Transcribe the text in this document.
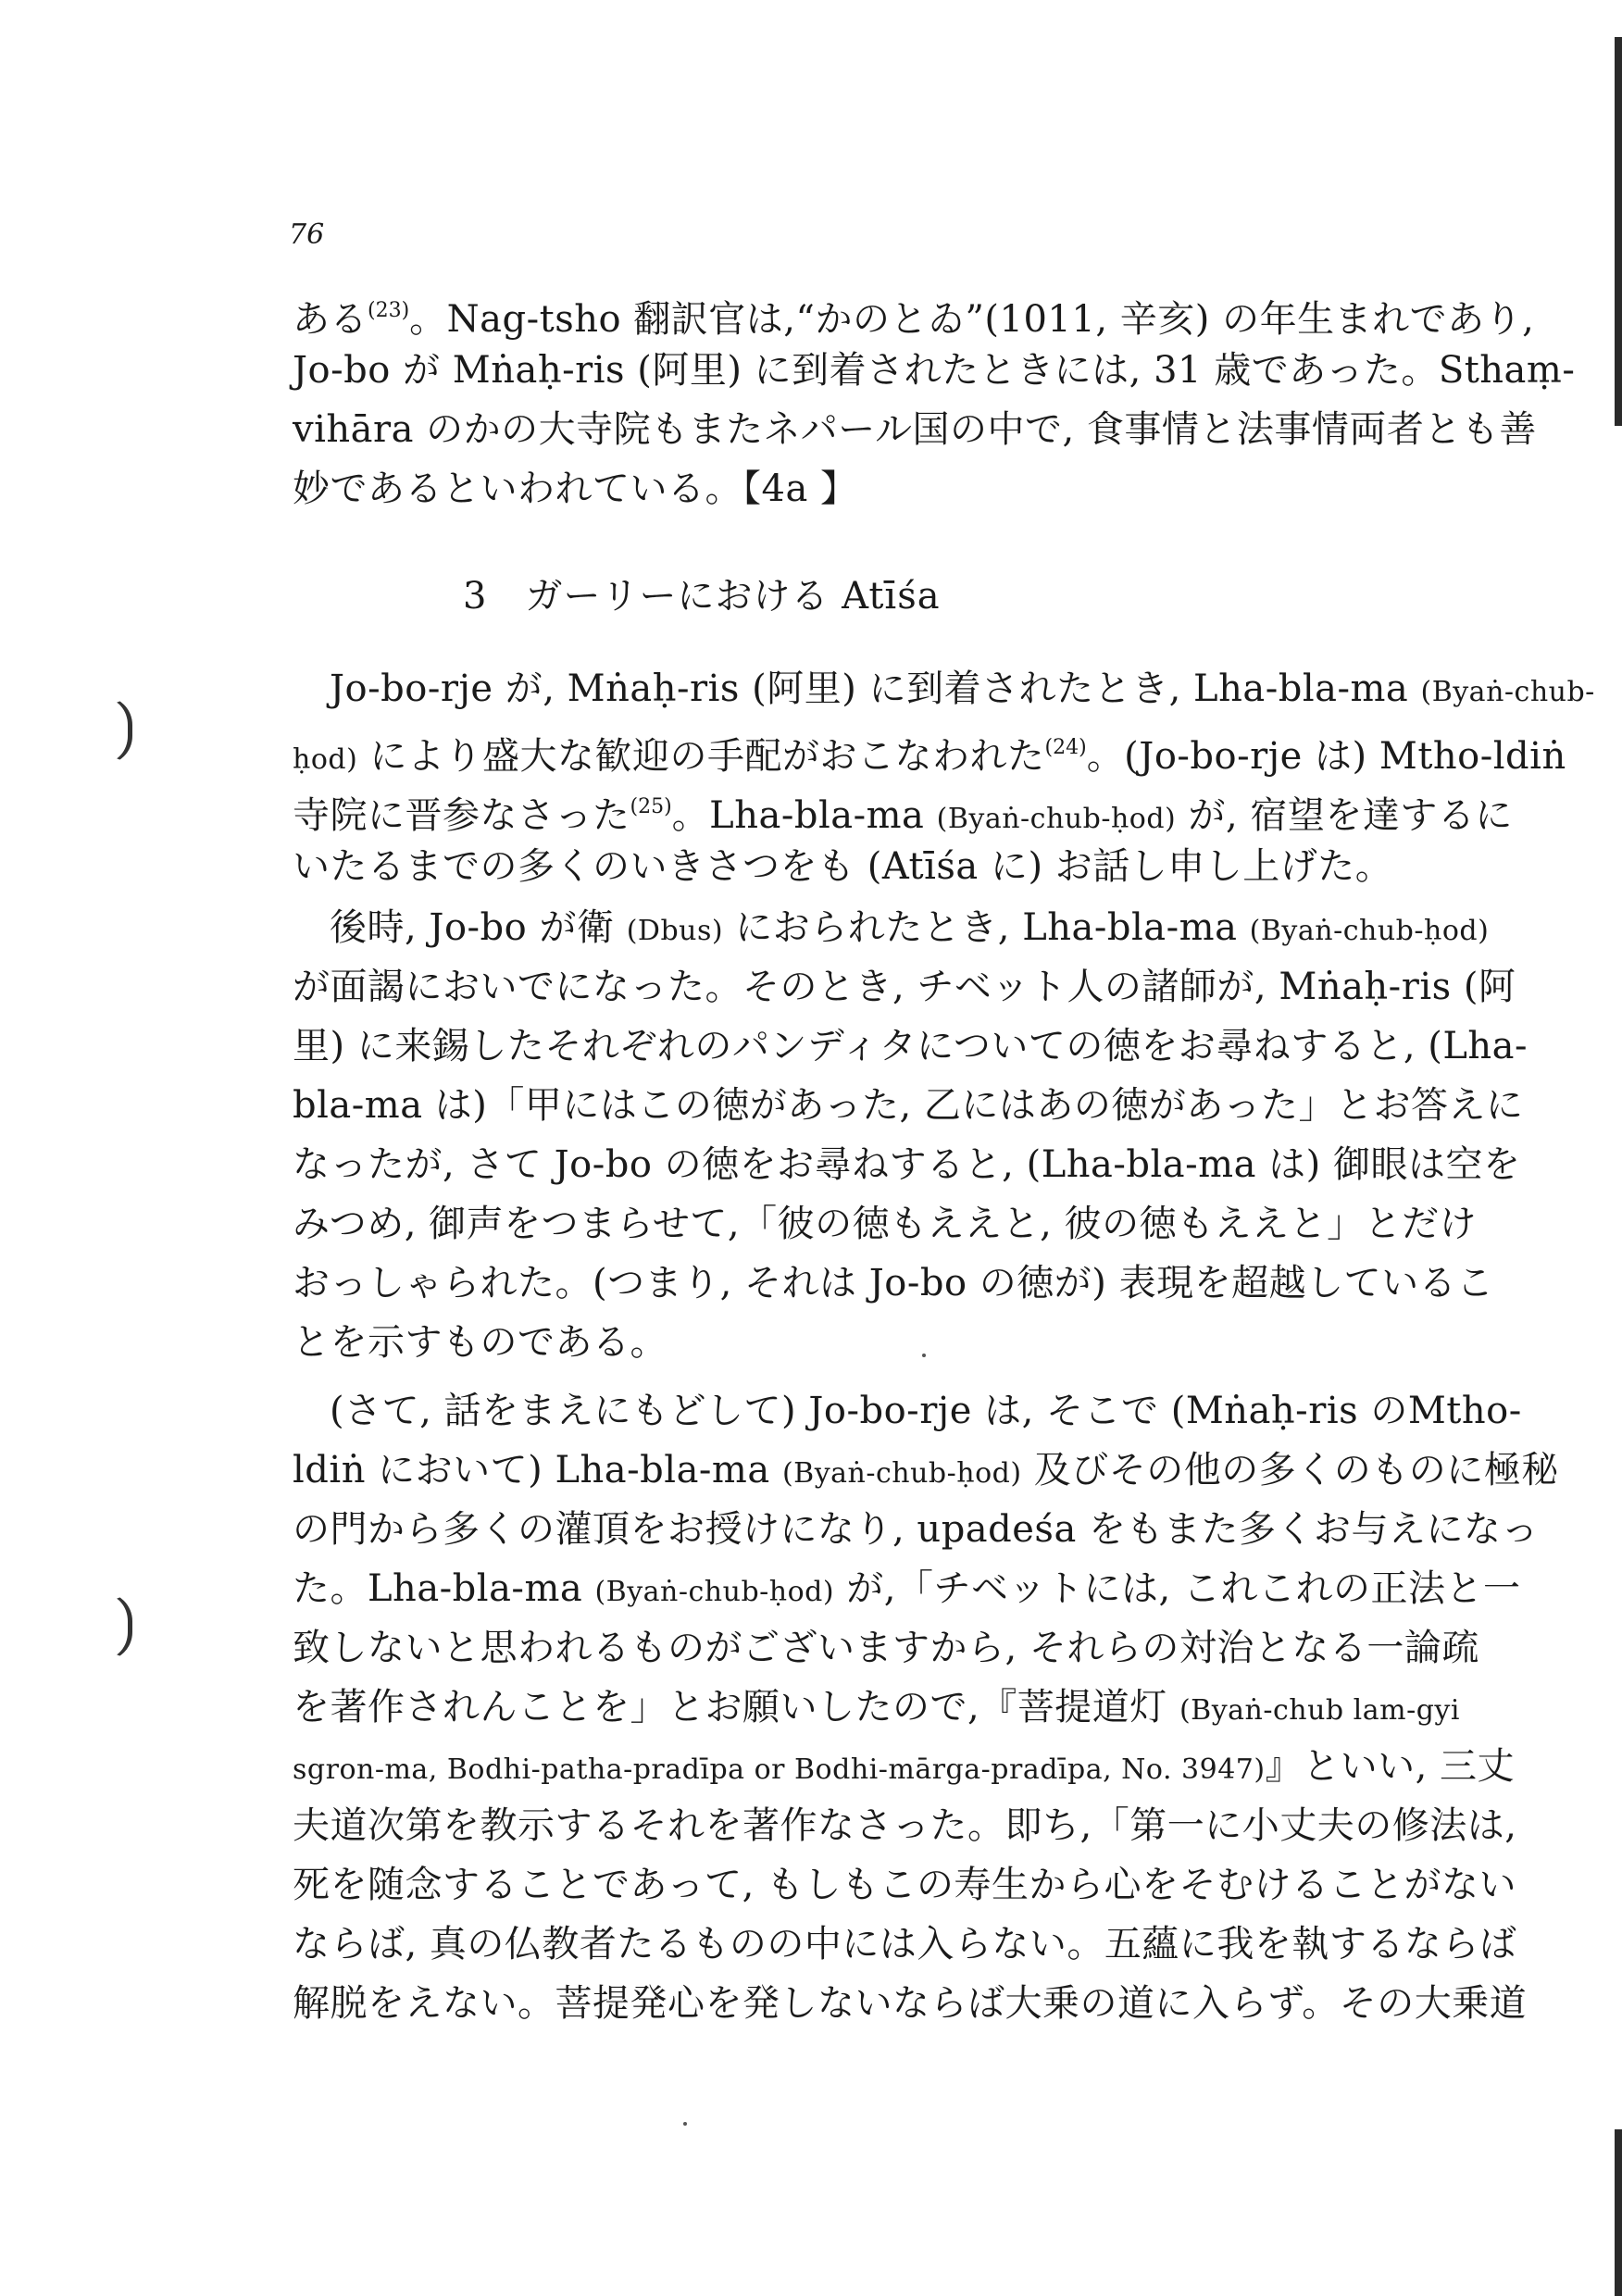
76
ある$^{(23)}$。Nag-tsho 翻訳官は,“かのとゐ”(1011, 辛亥) の年生まれであり,
Jo-bo が Mṅaḥ-ris (阿里) に到着されたときには, 31 歳であった。Sthaṃ-
vihāra のかの大寺院もまたネパール国の中で, 食事情と法事情両者とも善
妙であるといわれている。【4a 】
3　ガーリーにおける Atīśa
Jo-bo-rje が, Mṅaḥ-ris (阿里) に到着されたとき, Lha-bla-ma (Byaṅ-chub-
ḥod) により盛大な歓迎の手配がおこなわれた$^{(24)}$。(Jo-bo-rje は) Mtho-ldiṅ
寺院に晋参なさった$^{(25)}$。Lha-bla-ma (Byaṅ-chub-ḥod) が, 宿望を達するに
いたるまでの多くのいきさつをも (Atīśa に) お話し申し上げた。
後時, Jo-bo が衛 (Dbus) におられたとき, Lha-bla-ma (Byaṅ-chub-ḥod)
が面謁においでになった。そのとき, チベット人の諸師が, Mṅaḥ-ris (阿
里) に来錫したそれぞれのパンディタについての徳をお尋ねすると, (Lha-
bla-ma は)「甲にはこの徳があった, 乙にはあの徳があった」とお答えに
なったが, さて Jo-bo の徳をお尋ねすると, (Lha-bla-ma は) 御眼は空を
みつめ, 御声をつまらせて,「彼の徳もええと, 彼の徳もええと」とだけ
おっしゃられた。(つまり, それは Jo-bo の徳が) 表現を超越しているこ
とを示すものである。
(さて, 話をまえにもどして) Jo-bo-rje は, そこで (Mṅaḥ-ris のMtho-
ldiṅ において) Lha-bla-ma (Byaṅ-chub-ḥod) 及びその他の多くのものに極秘
の門から多くの灌頂をお授けになり, upadeśa をもまた多くお与えになっ
た。Lha-bla-ma (Byaṅ-chub-ḥod) が,「チベットには, これこれの正法と一
致しないと思われるものがございますから, それらの対治となる一論疏
を著作されんことを」とお願いしたので,『菩提道灯 (Byaṅ-chub lam-gyi
sgron-ma, Bodhi-patha-pradīpa or Bodhi-mārga-pradīpa, No. 3947)』といい, 三丈
夫道次第を教示するそれを著作なさった。即ち,「第一に小丈夫の修法は,
死を随念することであって, もしもこの寿生から心をそむけることがない
ならば, 真の仏教者たるものの中には入らない。五蘊に我を執するならば
解脱をえない。菩提発心を発しないならば大乗の道に入らず。その大乗道
